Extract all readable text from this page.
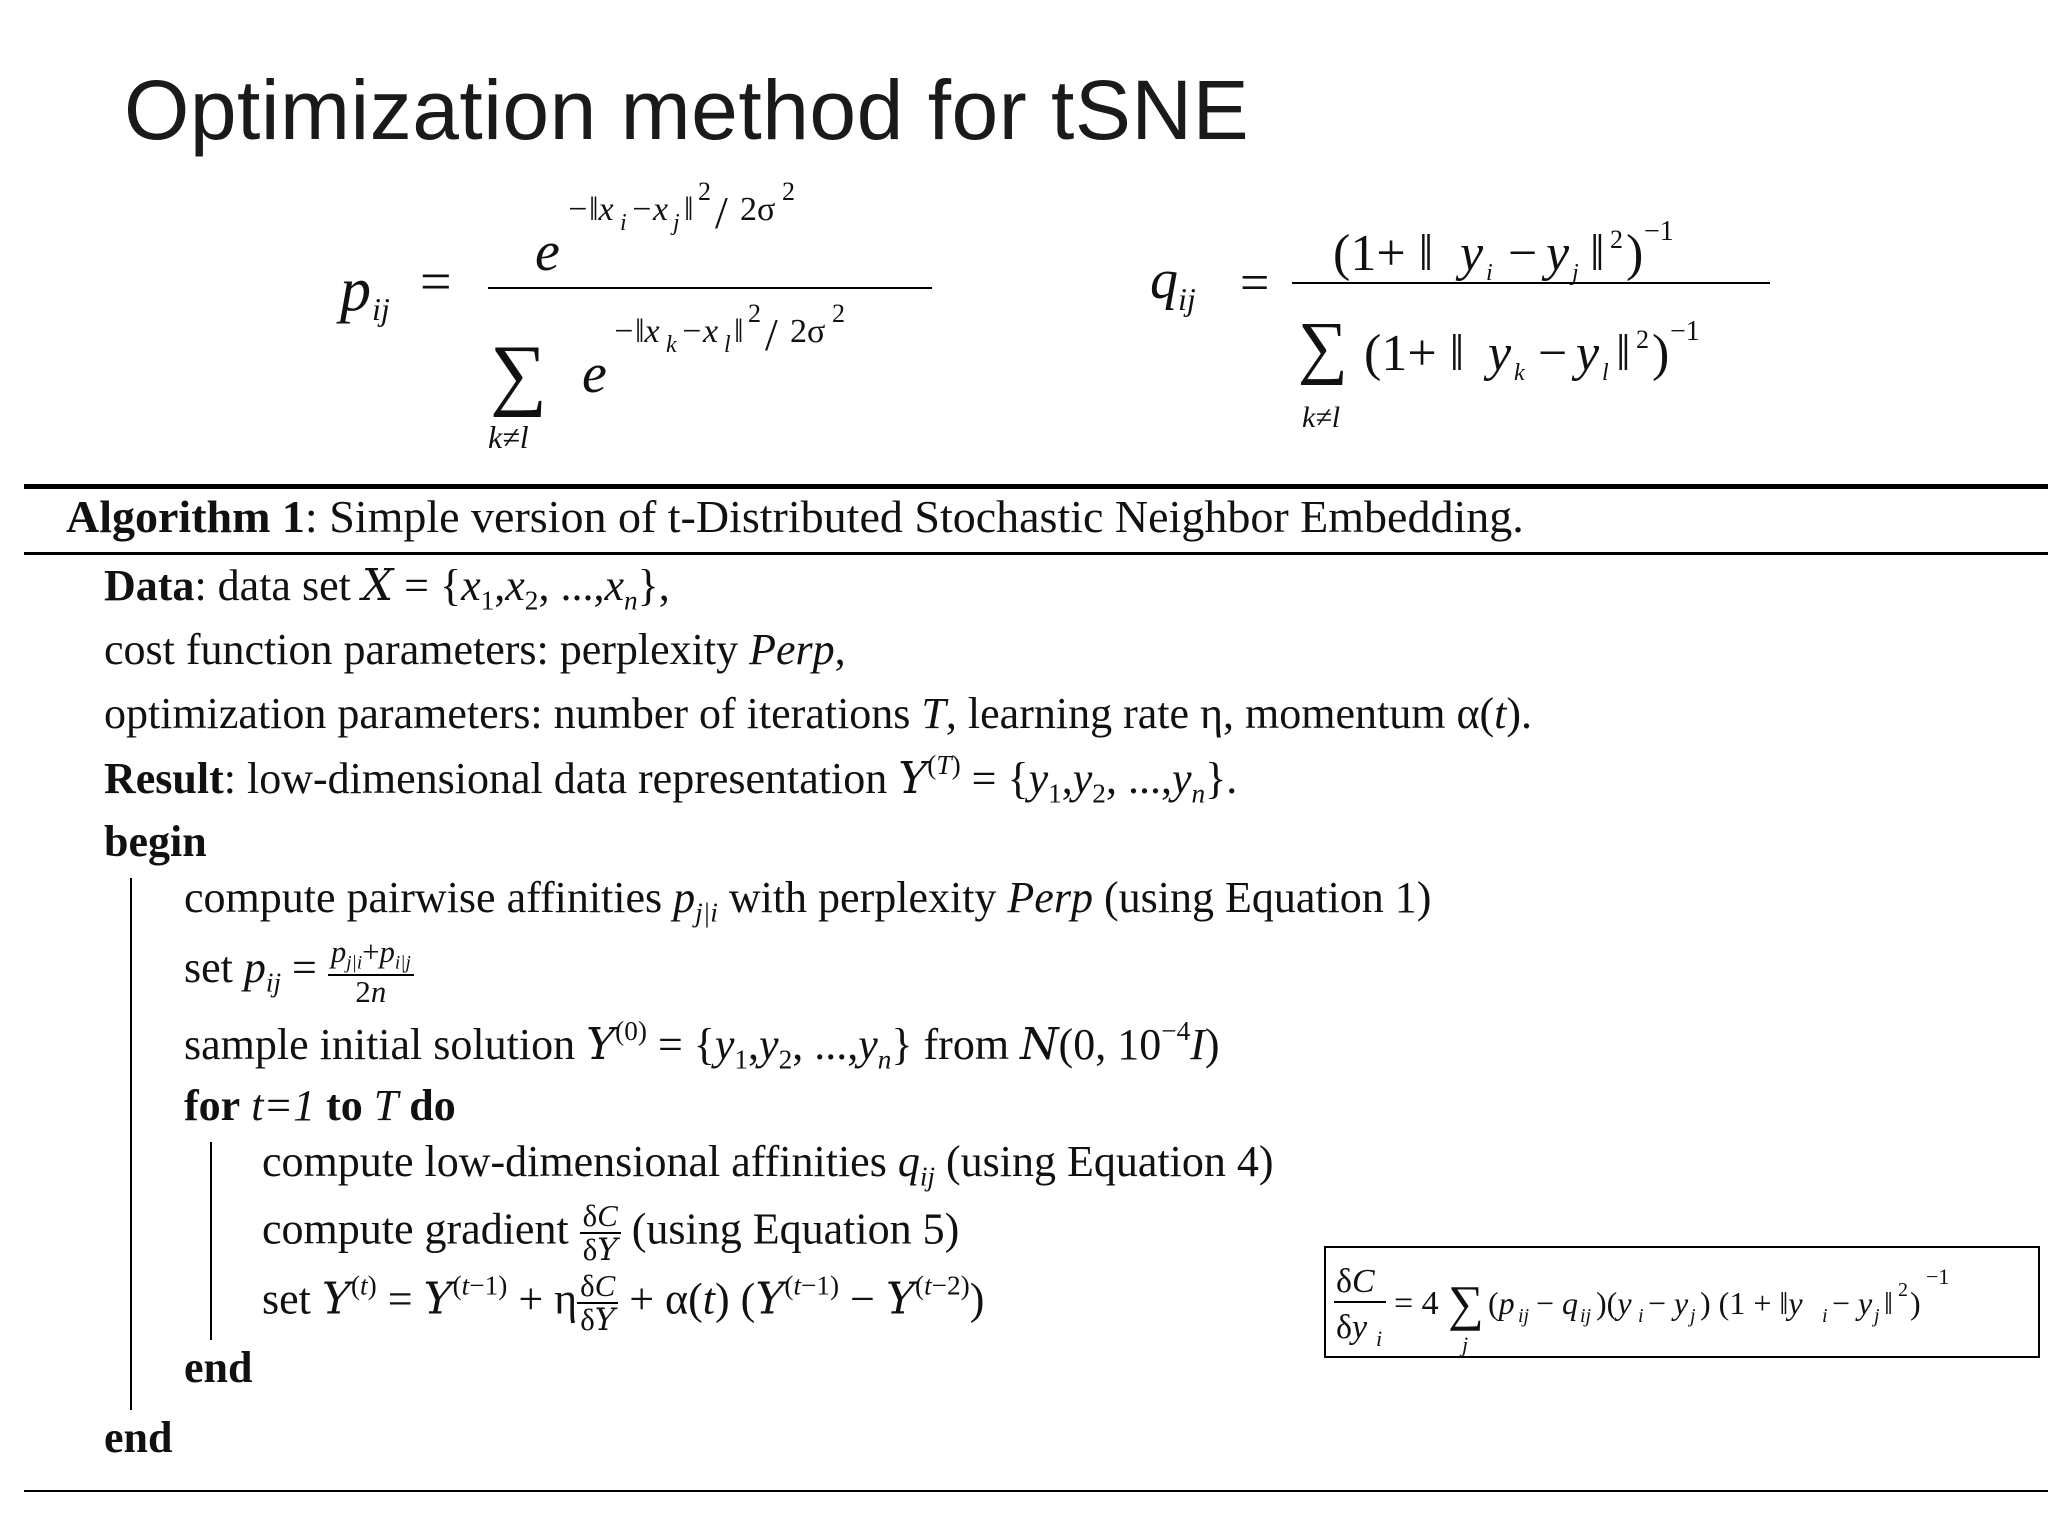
Optimization method for tSNE
p ij = e
−‖x i −x j ‖ 2 / 2σ 2
∑
k≠l
e
−‖x k −x l ‖ 2 / 2σ 2
q ij =
(1+ ‖ y i − y j ‖ 2 ) −1
∑
k≠l
(1+ ‖ y k − y l ‖ 2 ) −1
Algorithm 1: Simple version of t-Distributed Stochastic Neighbor Embedding.
Data: data set $X = \{x_1,x_2$, $...,x_n$},
cost function parameters: perplexity Perp,
optimization parameters: number of iterations T, learning rate η, momentum α(t).
Result: low-dimensional data representation $Y^{(T)} = \{y_1,y_2$, $...,y_n$}.
begin
compute pairwise affinities $p_{j|i}$ with perplexity Perp (using Equation 1)
set $p_{ij} = \frac{p_{j|i}+p_{i|j}}{2n}$
sample initial solution $Y^{(0)} = \{y_1,y_2$, $...,y_n$} from N(0, $10^{-4}I$)
for t=1 to T do
compute low-dimensional affinities $q_{ij}$ (using Equation 4)
compute gradient $\frac{\delta C}{\delta Y} (using$ Equation 5)
set $Y^{(t)} = Y^{(t-1)} + \eta \frac{\delta C}{\delta Y} + \alpha(t) (Y^{(t-1)} - Y^{(t-2)})$	δC
δy i
= 4 ∑
j
(p ij − q ij )(y i − y j ) (1 + ‖y i − y j ‖ 2 )
−1
end
end
